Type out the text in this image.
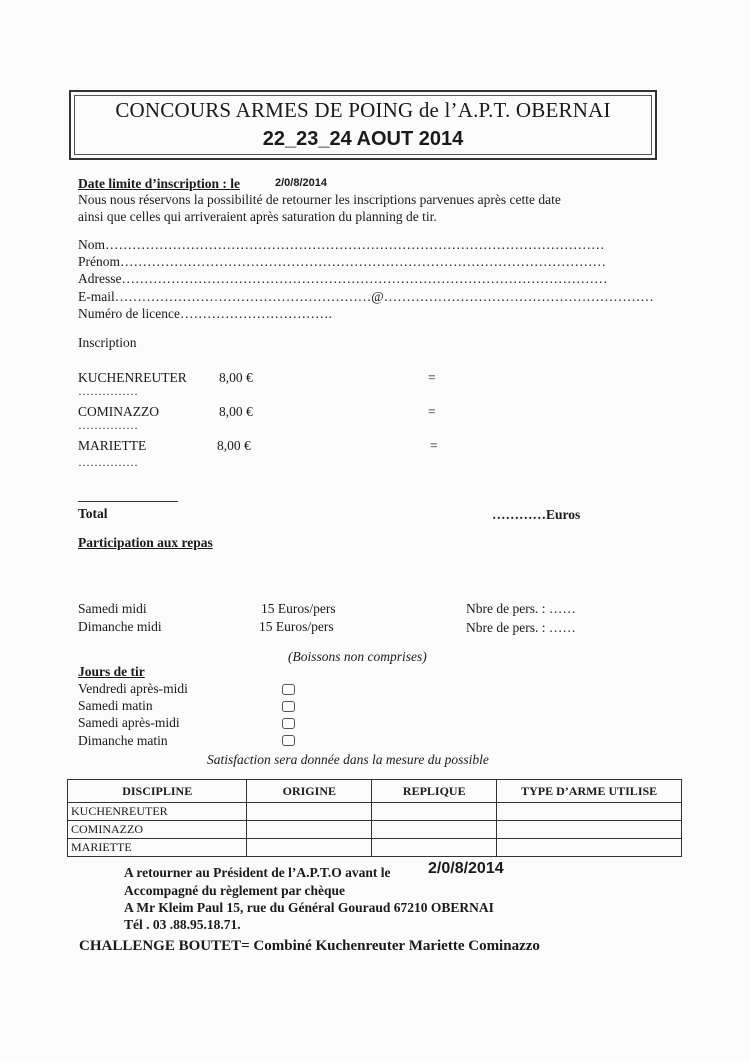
CONCOURS ARMES DE POING de l’A.P.T. OBERNAI
22_23_24 AOUT 2014
Date limite d’inscription : le	2/0/8/2014
Nous nous réservons la possibilité de retourner les inscriptions parvenues après cette date
ainsi que celles qui arriveraient après saturation du planning de tir.
Nom…………………………………………………………………………………………………
Prénom………………………………………………………………………………………………
Adresse………………………………………………………………………………………………
E-mail…………………………………………………@……………………………………………………
Numéro de licence…………………………….
Inscription
KUCHENREUTER 8,00 €	=
……………
COMINAZZO	8,00 €	=
……………
MARIETTE	8,00 €	=
……………
Total	…………Euros
Participation aux repas
Samedi midi	15 Euros/pers	Nbre de pers. : ……
Dimanche midi	15 Euros/pers	Nbre de pers. : ……
(Boissons non comprises)
Jours de tir
Vendredi après-midi
Samedi matin
Samedi après-midi
Dimanche matin
Satisfaction sera donnée dans la mesure du possible
DISCIPLINE	ORIGINE	REPLIQUE	TYPE D’ARME UTILISE
KUCHENREUTER			
COMINAZZO			
MARIETTE			
A retourner au Président de l’A.P.T.O avant le 2/0/8/2014
Accompagné du règlement par chèque
A Mr Kleim Paul 15, rue du Général Gouraud 67210 OBERNAI
Tél . 03 .88.95.18.71.
CHALLENGE BOUTET= Combiné Kuchenreuter Mariette Cominazzo
